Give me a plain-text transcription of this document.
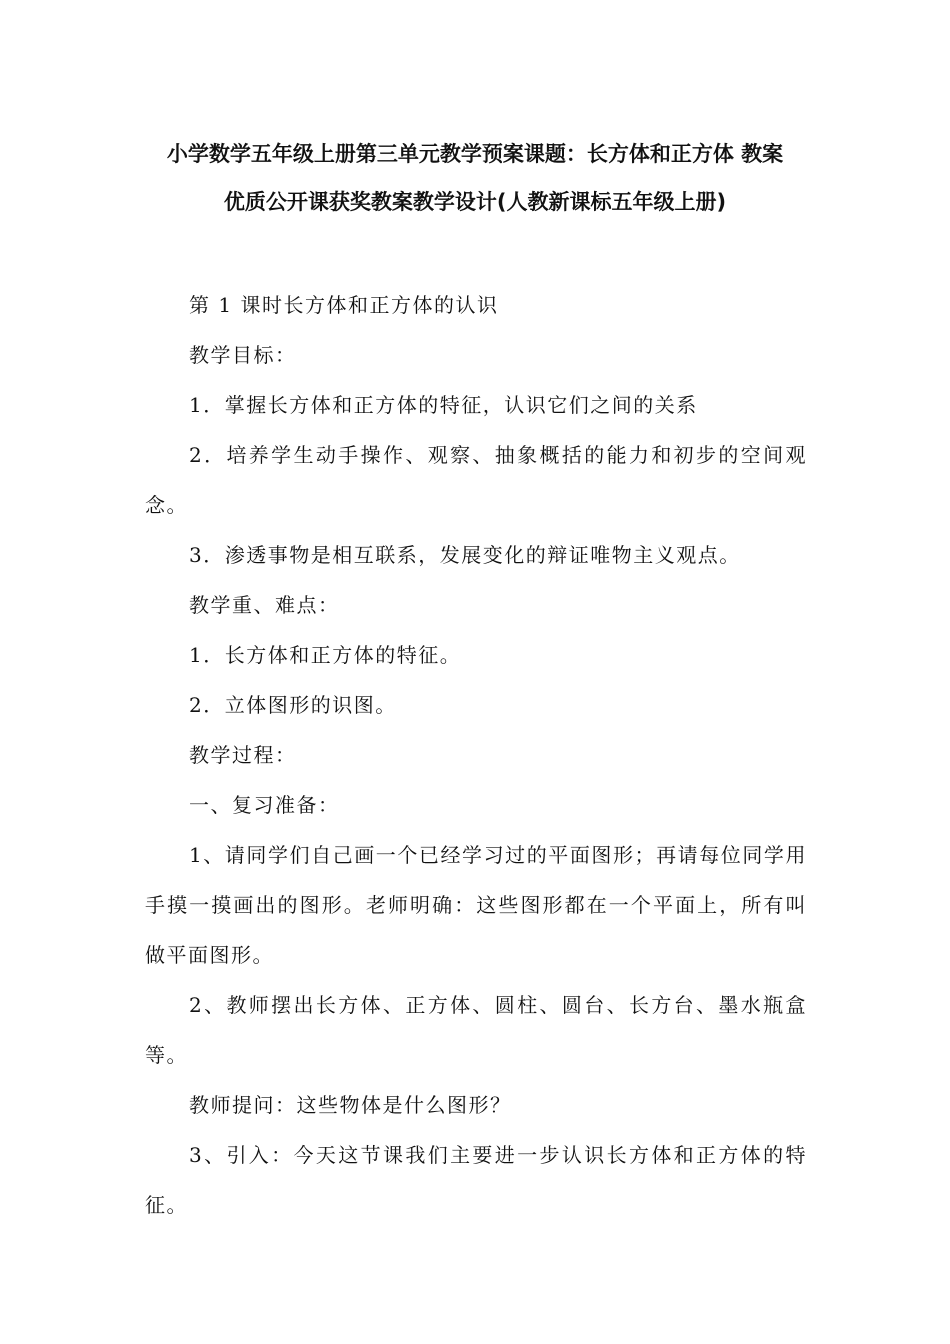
小学数学五年级上册第三单元教学预案课题：长方体和正方体 教案
优质公开课获奖教案教学设计(人教新课标五年级上册)

第 1 课时长方体和正方体的认识

教学目标：

1．掌握长方体和正方体的特征，认识它们之间的关系

2．培养学生动手操作、观察、抽象概括的能力和初步的空间观念。

3．渗透事物是相互联系，发展变化的辩证唯物主义观点。

教学重、难点：

1．长方体和正方体的特征。

2．立体图形的识图。

教学过程：

一、复习准备：

1、请同学们自己画一个已经学习过的平面图形；再请每位同学用手摸一摸画出的图形。老师明确：这些图形都在一个平面上，所有叫做平面图形。

2、教师摆出长方体、正方体、圆柱、圆台、长方台、墨水瓶盒等。

教师提问：这些物体是什么图形？

3、引入：今天这节课我们主要进一步认识长方体和正方体的特征。
